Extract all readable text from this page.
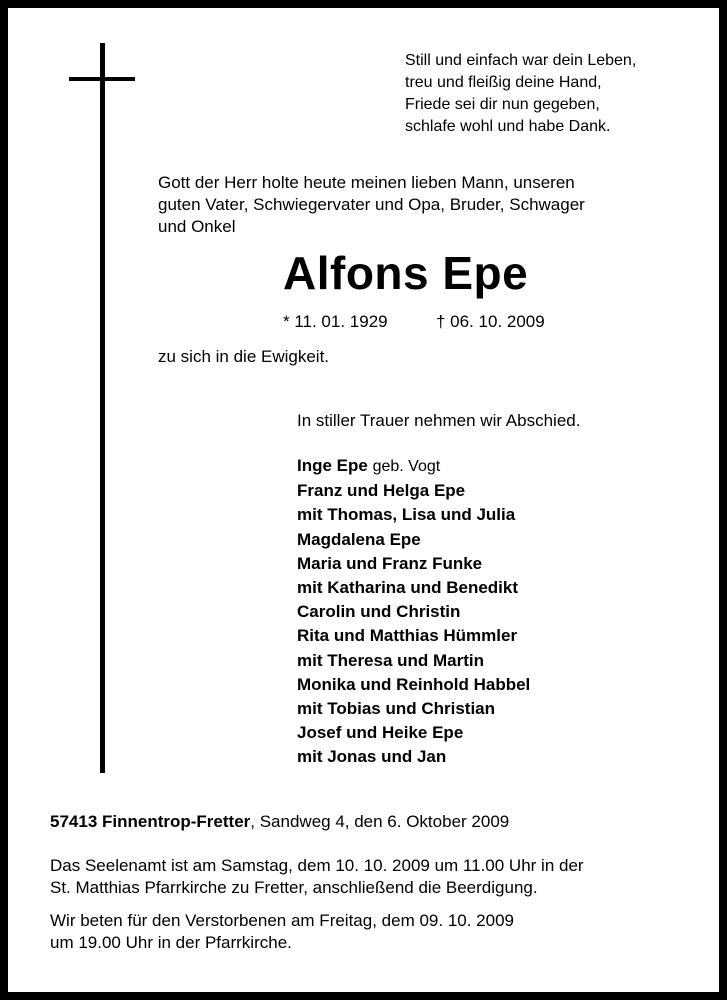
Still und einfach war dein Leben,
treu und fleißig deine Hand,
Friede sei dir nun gegeben,
schlafe wohl und habe Dank.
Gott der Herr holte heute meinen lieben Mann, unseren
guten Vater, Schwiegervater und Opa, Bruder, Schwager
und Onkel
Alfons Epe
* 11. 01. 1929	† 06. 10. 2009
zu sich in die Ewigkeit.
In stiller Trauer nehmen wir Abschied.
Inge Epe geb. Vogt
Franz und Helga Epe
mit Thomas, Lisa und Julia
Magdalena Epe
Maria und Franz Funke
mit Katharina und Benedikt
Carolin und Christin
Rita und Matthias Hümmler
mit Theresa und Martin
Monika und Reinhold Habbel
mit Tobias und Christian
Josef und Heike Epe
mit Jonas und Jan
57413 Finnentrop-Fretter, Sandweg 4, den 6. Oktober 2009
Das Seelenamt ist am Samstag, dem 10. 10. 2009 um 11.00 Uhr in der
St. Matthias Pfarrkirche zu Fretter, anschließend die Beerdigung.
Wir beten für den Verstorbenen am Freitag, dem 09. 10. 2009
um 19.00 Uhr in der Pfarrkirche.
